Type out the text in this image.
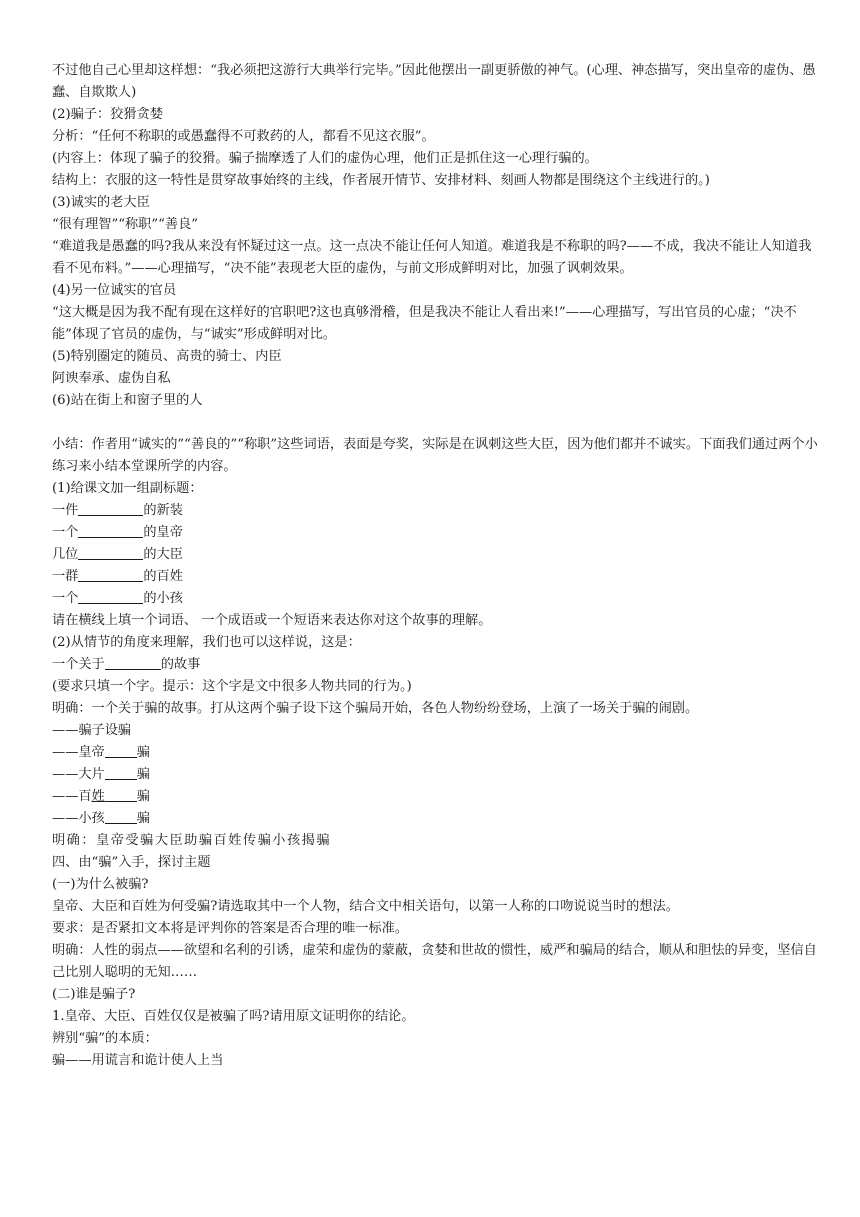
不过他自己心里却这样想：“我必须把这游行大典举行完毕。”因此他摆出一副更骄傲的神气。(心理、神态描写，突出皇帝的虚伪、愚蠢、自欺欺人)
(2)骗子：狡猾贪婪
分析：“任何不称职的或愚蠢得不可救药的人，都看不见这衣服”。
(内容上：体现了骗子的狡猾。骗子揣摩透了人们的虚伪心理，他们正是抓住这一心理行骗的。
结构上：衣服的这一特性是贯穿故事始终的主线，作者展开情节、安排材料、刻画人物都是围绕这个主线进行的。)
(3)诚实的老大臣
“很有理智”“称职”“善良”
“难道我是愚蠢的吗?我从来没有怀疑过这一点。这一点决不能让任何人知道。难道我是不称职的吗?——不成，我决不能让人知道我看不见布料。”——心理描写，“决不能”表现老大臣的虚伪，与前文形成鲜明对比，加强了讽刺效果。
(4)另一位诚实的官员
“这大概是因为我不配有现在这样好的官职吧?这也真够滑稽，但是我决不能让人看出来!”——心理描写，写出官员的心虚；“决不能”体现了官员的虚伪，与“诚实”形成鲜明对比。
(5)特别圈定的随员、高贵的骑士、内臣
阿谀奉承、虚伪自私
(6)站在街上和窗子里的人
小结：作者用“诚实的”“善良的”“称职”这些词语，表面是夸奖，实际是在讽刺这些大臣，因为他们都并不诚实。下面我们通过两个小练习来小结本堂课所学的内容。
(1)给课文加一组副标题：
一件	的新装
一个	的皇帝
几位	的大臣
一群	的百姓
一个	的小孩
请在横线上填一个词语、 一个成语或一个短语来表达你对这个故事的理解。
(2)从情节的角度来理解，我们也可以这样说，这是：
一个关于	的故事
(要求只填一个字。提示：这个字是文中很多人物共同的行为。)
明确：一个关于骗的故事。打从这两个骗子设下这个骗局开始，各色人物纷纷登场，上演了一场关于骗的闹剧。
——骗子设骗
——皇帝 骗
——大片 骗
——百姓 骗
——小孩 骗
明确：皇帝受骗大臣助骗百姓传骗小孩揭骗
四、由“骗”入手，探讨主题
(一)为什么被骗?
皇帝、大臣和百姓为何受骗?请选取其中一个人物，结合文中相关语句，以第一人称的口吻说说当时的想法。
要求：是否紧扣文本将是评判你的答案是否合理的唯一标准。
明确：人性的弱点——欲望和名利的引诱，虚荣和虚伪的蒙蔽，贪婪和世故的惯性，威严和骗局的结合，顺从和胆怯的异变，坚信自己比别人聪明的无知……
(二)谁是骗子?
1.皇帝、大臣、百姓仅仅是被骗了吗?请用原文证明你的结论。
辨别“骗”的本质：
骗——用谎言和诡计使人上当
